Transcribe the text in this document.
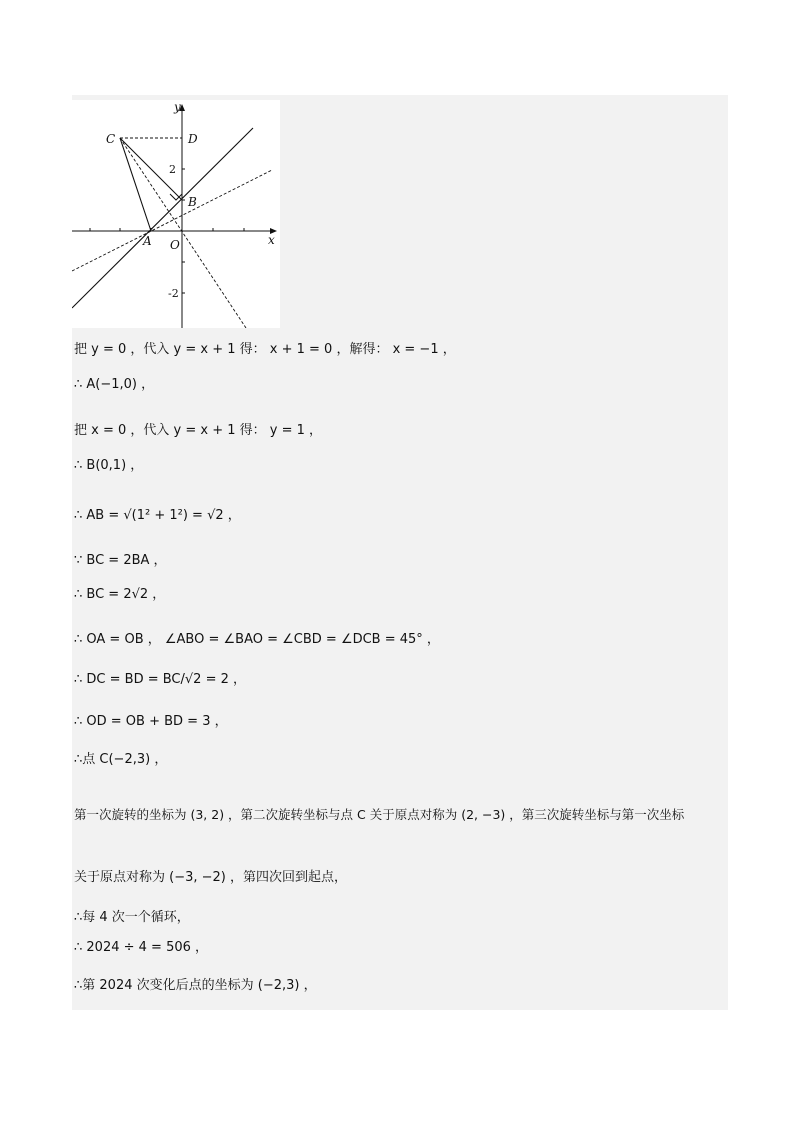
y
x
C	D
B
A O
2
-2
把 y = 0 ，代入 y = x + 1 得： x + 1 = 0 ，解得： x = −1 ，
∴ A(−1,0) ，
把 x = 0 ，代入 y = x + 1 得： y = 1 ，
∴ B(0,1) ，
∴ AB = √(1² + 1²) = √2 ，
∵ BC = 2BA ，
∴ BC = 2√2 ，
∴ OA = OB ， ∠ABO = ∠BAO = ∠CBD = ∠DCB = 45° ，
∴ DC = BD = BC/√2 = 2 ，
∴ OD = OB + BD = 3 ，
∴点 C(−2,3) ，
第一次旋转的坐标为 (3, 2) ，第二次旋转坐标与点 C 关于原点对称为 (2, −3) ，第三次旋转坐标与第一次坐标
关于原点对称为 (−3, −2) ，第四次回到起点，
∴每 4 次一个循环，
∴ 2024 ÷ 4 = 506 ，
∴第 2024 次变化后点的坐标为 (−2,3) ，
